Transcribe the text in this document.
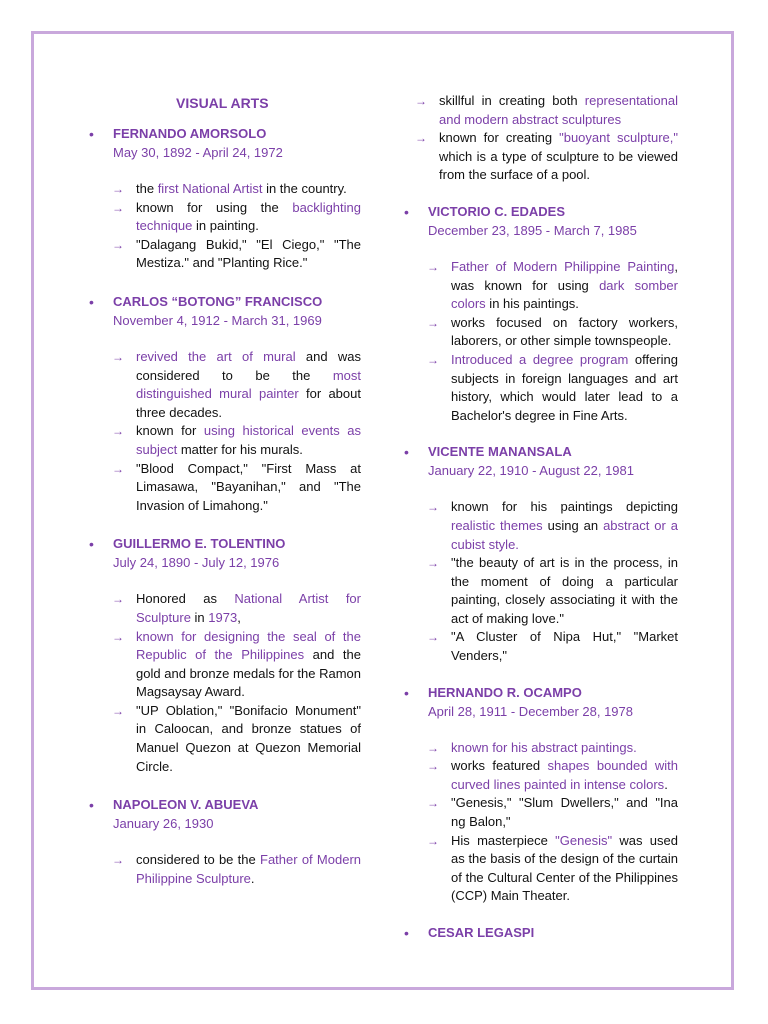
VISUAL ARTS
• FERNANDO AMORSOLO
May 30, 1892 - April 24, 1972
→ the first National Artist in the country.
→ known for using the backlighting technique in painting.
→ "Dalagang Bukid," "El Ciego," "The Mestiza." and "Planting Rice."
• CARLOS “BOTONG” FRANCISCO
November 4, 1912 - March 31, 1969
→ revived the art of mural and was considered to be the most distinguished mural painter for about three decades.
→ known for using historical events as subject matter for his murals.
→ "Blood Compact," "First Mass at Limasawa, "Bayanihan," and "The Invasion of Limahong."
• GUILLERMO E. TOLENTINO
July 24, 1890 - July 12, 1976
→ Honored as National Artist for Sculpture in 1973,
→ known for designing the seal of the Republic of the Philippines and the gold and bronze medals for the Ramon Magsaysay Award.
→ "UP Oblation," "Bonifacio Monument" in Caloocan, and bronze statues of Manuel Quezon at Quezon Memorial Circle.
• NAPOLEON V. ABUEVA
January 26, 1930
→ considered to be the Father of Modern Philippine Sculpture.
→ skillful in creating both representational and modern abstract sculptures
→ known for creating "buoyant sculpture," which is a type of sculpture to be viewed from the surface of a pool.
• VICTORIO C. EDADES
December 23, 1895 - March 7, 1985
→ Father of Modern Philippine Painting, was known for using dark somber colors in his paintings.
→ works focused on factory workers, laborers, or other simple townspeople.
→ Introduced a degree program offering subjects in foreign languages and art history, which would later lead to a Bachelor's degree in Fine Arts.
• VICENTE MANANSALA
January 22, 1910 - August 22, 1981
→ known for his paintings depicting realistic themes using an abstract or a cubist style.
→ "the beauty of art is in the process, in the moment of doing a particular painting, closely associating it with the act of making love."
→ "A Cluster of Nipa Hut," "Market Venders,"
• HERNANDO R. OCAMPO
April 28, 1911 - December 28, 1978
→ known for his abstract paintings.
→ works featured shapes bounded with curved lines painted in intense colors.
→ "Genesis," "Slum Dwellers," and "Ina ng Balon,"
→ His masterpiece "Genesis" was used as the basis of the design of the curtain of the Cultural Center of the Philippines (CCP) Main Theater.
• CESAR LEGASPI
